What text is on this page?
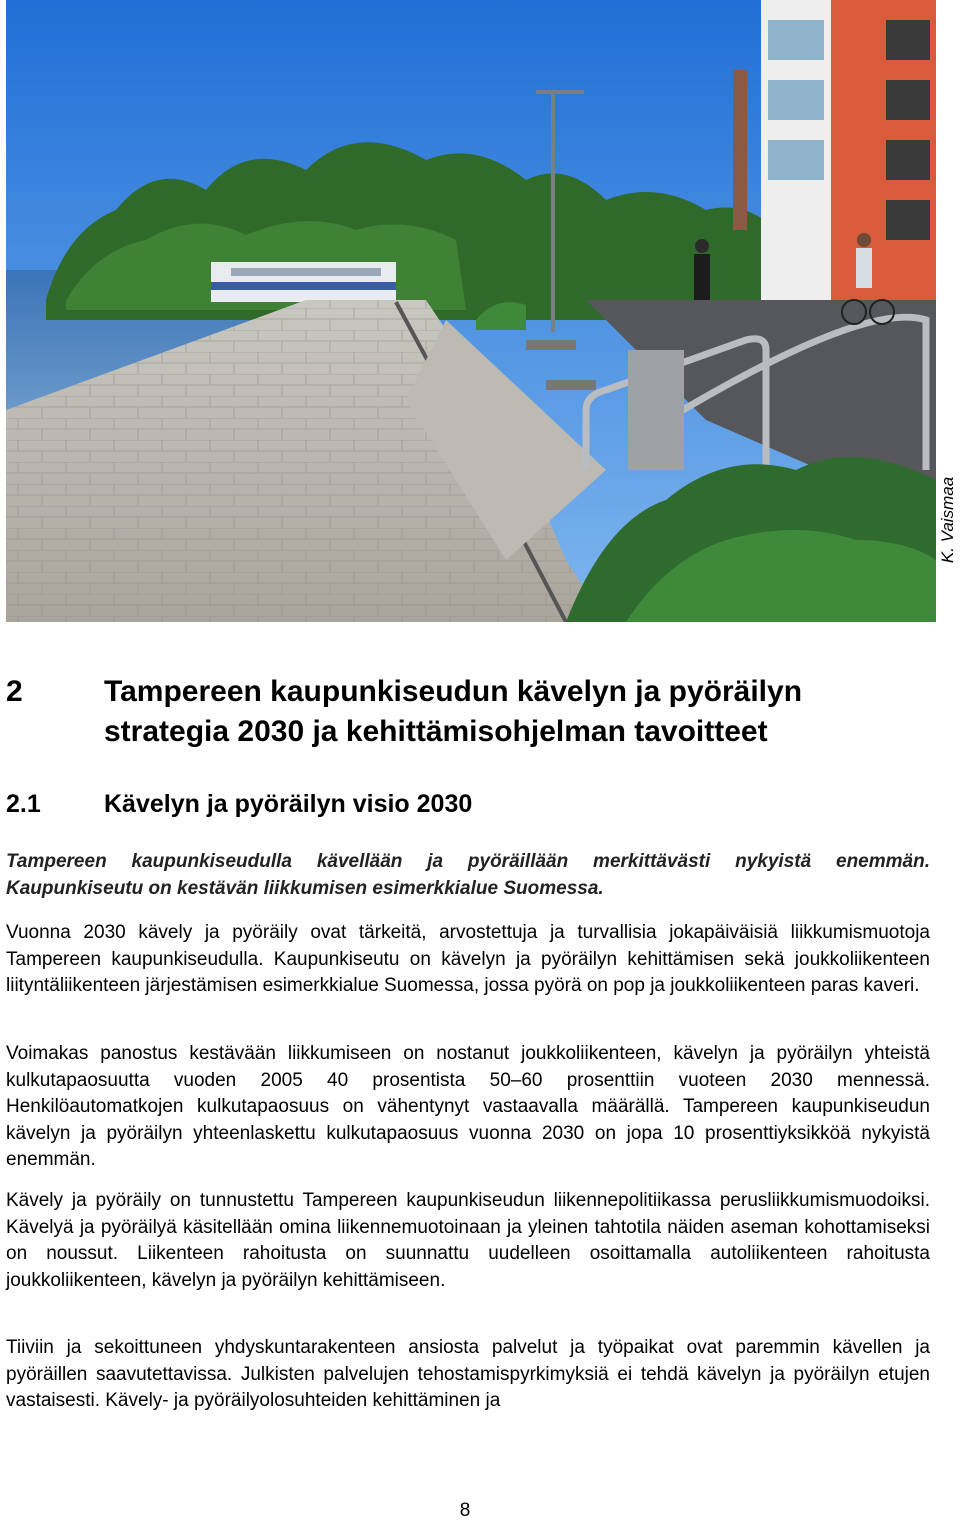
K. Vaismaa
2	Tampereen kaupunkiseudun kävelyn ja pyöräilyn strategia 2030 ja kehittämisohjelman tavoitteet
2.1	Kävelyn ja pyöräilyn visio 2030
Tampereen kaupunkiseudulla kävellään ja pyöräillään merkittävästi nykyistä enemmän. Kaupunkiseutu on kestävän liikkumisen esimerkkialue Suomessa.
Vuonna 2030 kävely ja pyöräily ovat tärkeitä, arvostettuja ja turvallisia jokapäiväisiä liikkumismuotoja Tampereen kaupunkiseudulla. Kaupunkiseutu on kävelyn ja pyöräilyn kehittämisen sekä joukkoliikenteen liityntäliikenteen järjestämisen esimerkkialue Suomessa, jossa pyörä on pop ja joukkoliikenteen paras kaveri.
Voimakas panostus kestävään liikkumiseen on nostanut joukkoliikenteen, kävelyn ja pyöräilyn yhteistä kulkutapaosuutta vuoden 2005 40 prosentista 50–60 prosenttiin vuoteen 2030 mennessä. Henkilöautomatkojen kulkutapaosuus on vähentynyt vastaavalla määrällä. Tampereen kaupunkiseudun kävelyn ja pyöräilyn yhteenlaskettu kulkutapaosuus vuonna 2030 on jopa 10 prosenttiyksikköä nykyistä enemmän.
Kävely ja pyöräily on tunnustettu Tampereen kaupunkiseudun liikennepolitiikassa perusliikkumismuodoiksi. Kävelyä ja pyöräilyä käsitellään omina liikennemuotoinaan ja yleinen tahtotila näiden aseman kohottamiseksi on noussut. Liikenteen rahoitusta on suunnattu uudelleen osoittamalla autoliikenteen rahoitusta joukkoliikenteen, kävelyn ja pyöräilyn kehittämiseen.
Tiiviin ja sekoittuneen yhdyskuntarakenteen ansiosta palvelut ja työpaikat ovat paremmin kävellen ja pyöräillen saavutettavissa. Julkisten palvelujen tehostamispyrkimyksiä ei tehdä kävelyn ja pyöräilyn etujen vastaisesti. Kävely- ja pyöräilyolosuhteiden kehittäminen ja
8
